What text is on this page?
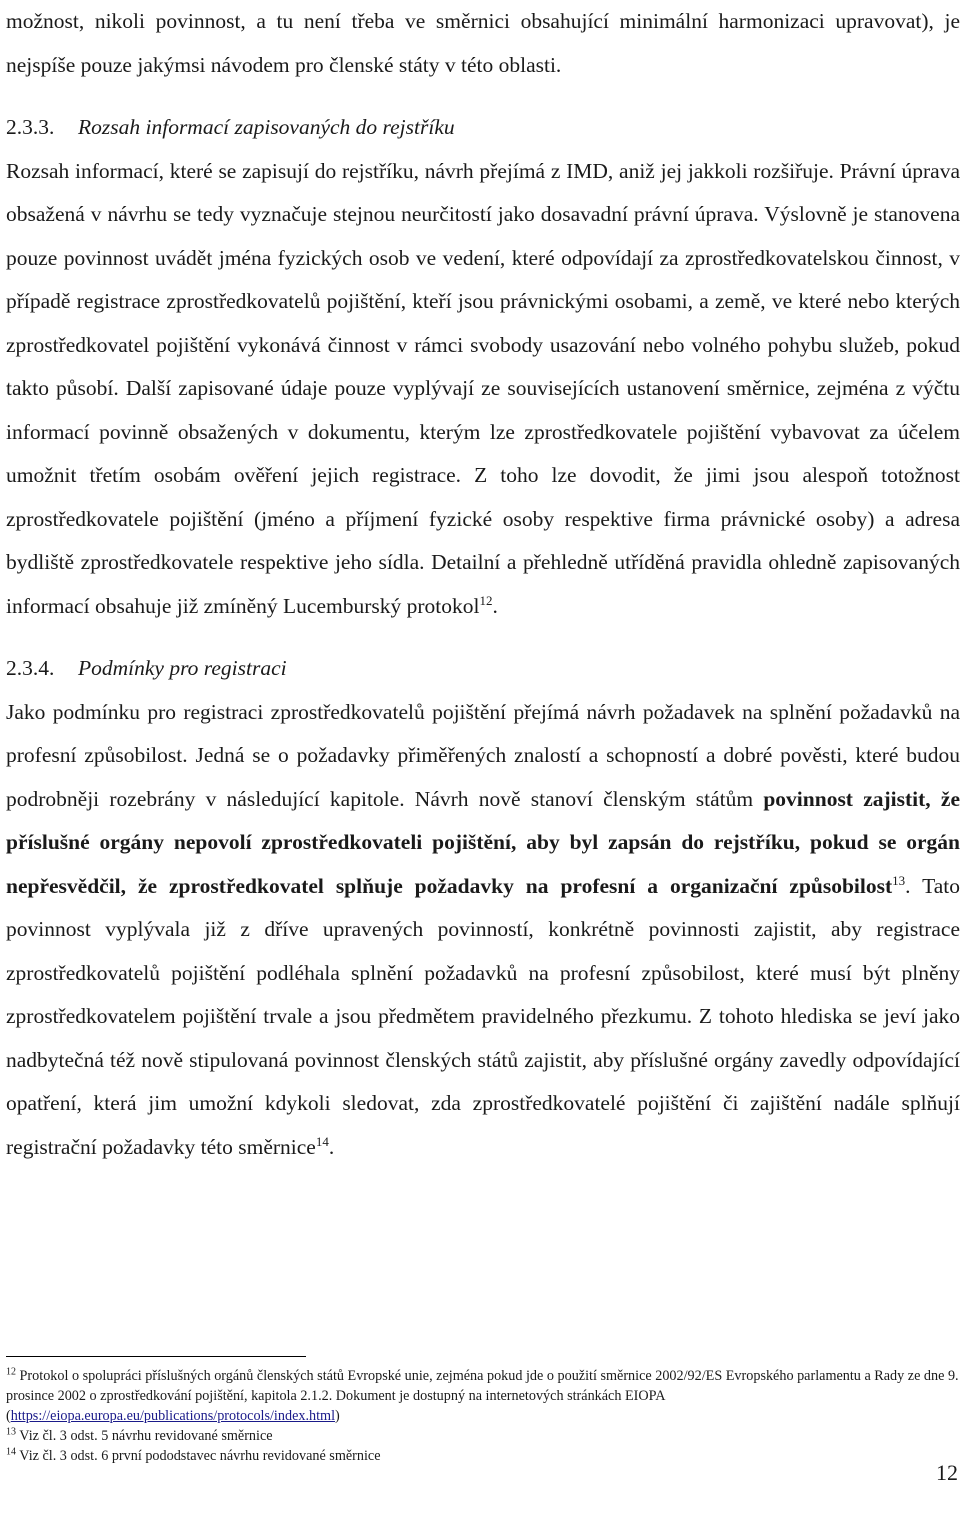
možnost, nikoli povinnost, a tu není třeba ve směrnici obsahující minimální harmonizaci upravovat), je nejspíše pouze jakýmsi návodem pro členské státy v této oblasti.

2.3.3. Rozsah informací zapisovaných do rejstříku

Rozsah informací, které se zapisují do rejstříku, návrh přejímá z IMD, aniž jej jakkoli rozšiřuje. Právní úprava obsažená v návrhu se tedy vyznačuje stejnou neurčitostí jako dosavadní právní úprava. Výslovně je stanovena pouze povinnost uvádět jména fyzických osob ve vedení, které odpovídají za zprostředkovatelskou činnost, v případě registrace zprostředkovatelů pojištění, kteří jsou právnickými osobami, a země, ve které nebo kterých zprostředkovatel pojištění vykonává činnost v rámci svobody usazování nebo volného pohybu služeb, pokud takto působí. Další zapisované údaje pouze vyplývají ze souvisejících ustanovení směrnice, zejména z výčtu informací povinně obsažených v dokumentu, kterým lze zprostředkovatele pojištění vybavovat za účelem umožnit třetím osobám ověření jejich registrace. Z toho lze dovodit, že jimi jsou alespoň totožnost zprostředkovatele pojištění (jméno a příjmení fyzické osoby respektive firma právnické osoby) a adresa bydliště zprostředkovatele respektive jeho sídla. Detailní a přehledně utříděná pravidla ohledně zapisovaných informací obsahuje již zmíněný Lucemburský protokol$^{12}$.

2.3.4. Podmínky pro registraci

Jako podmínku pro registraci zprostředkovatelů pojištění přejímá návrh požadavek na splnění požadavků na profesní způsobilost. Jedná se o požadavky přiměřených znalostí a schopností a dobré pověsti, které budou podrobněji rozebrány v následující kapitole. Návrh nově stanoví členským státům povinnost zajistit, že příslušné orgány nepovolí zprostředkovateli pojištění, aby byl zapsán do rejstříku, pokud se orgán nepřesvědčil, že zprostředkovatel splňuje požadavky na profesní a organizační způsobilost$^{13}$. Tato povinnost vyplývala již z dříve upravených povinností, konkrétně povinnosti zajistit, aby registrace zprostředkovatelů pojištění podléhala splnění požadavků na profesní způsobilost, které musí být plněny zprostředkovatelem pojištění trvale a jsou předmětem pravidelného přezkumu. Z tohoto hlediska se jeví jako nadbytečná též nově stipulovaná povinnost členských států zajistit, aby příslušné orgány zavedly odpovídající opatření, která jim umožní kdykoli sledovat, zda zprostředkovatelé pojištění či zajištění nadále splňují registrační požadavky této směrnice$^{14}$.

$^{12}$ Protokol o spolupráci příslušných orgánů členských států Evropské unie, zejména pokud jde o použití směrnice 2002/92/ES Evropského parlamentu a Rady ze dne 9. prosince 2002 o zprostředkování pojištění, kapitola 2.1.2. Dokument je dostupný na internetových stránkách EIOPA (https://eiopa.europa.eu/publications/protocols/index.html)

$^{13}$ Viz čl. 3 odst. 5 návrhu revidované směrnice

$^{14}$ Viz čl. 3 odst. 6 první pododstavec návrhu revidované směrnice

12
